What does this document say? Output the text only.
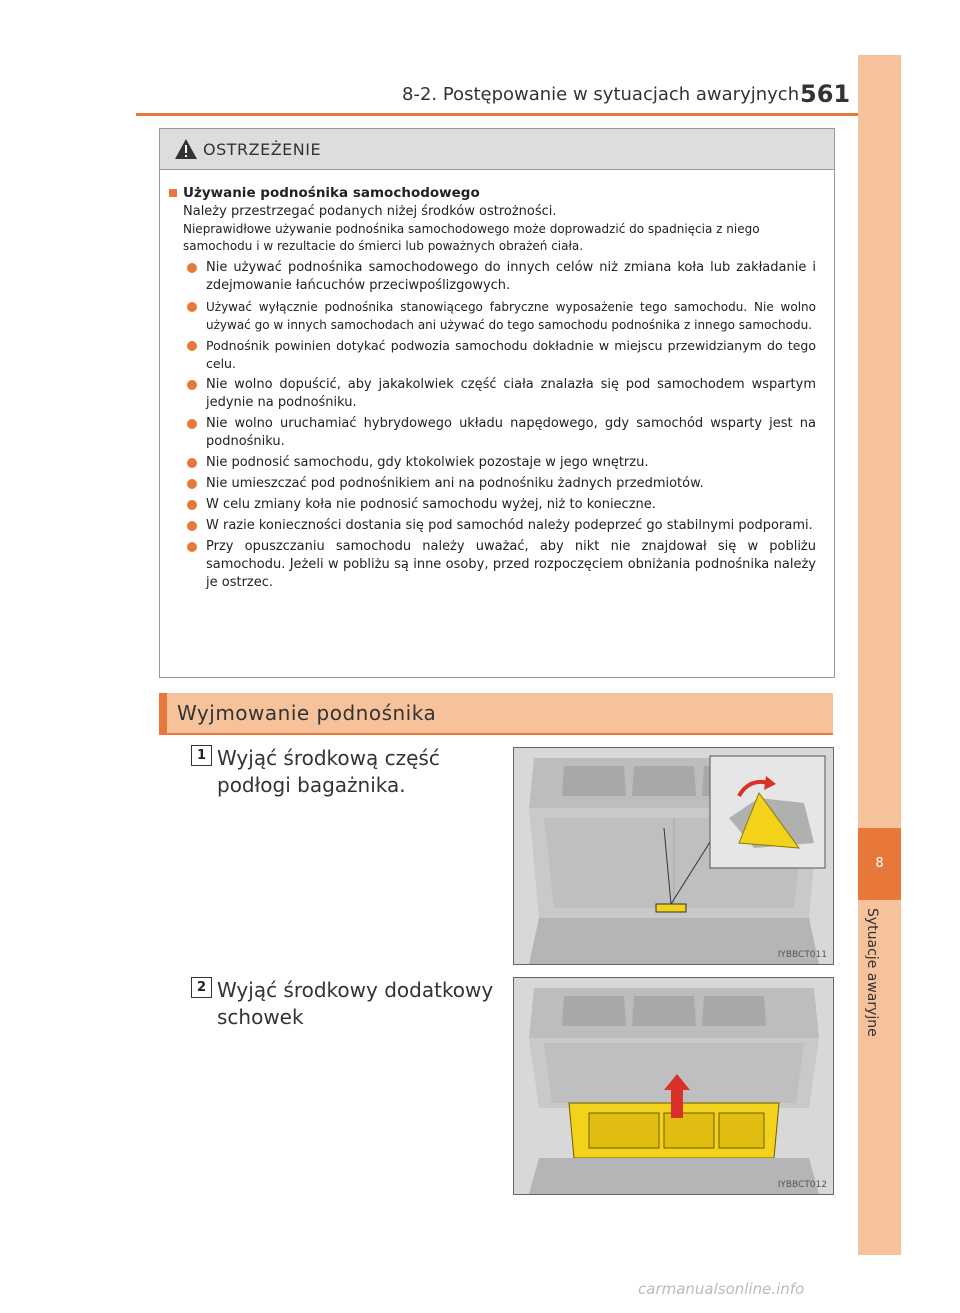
8
Sytuacje awaryjne
8-2. Postępowanie w sytuacjach awaryjnych 561
OSTRZEŻENIE
Używanie podnośnika samochodowego
Należy przestrzegać podanych niżej środków ostrożności.
Nieprawidłowe używanie podnośnika samochodowego może doprowadzić do spadnięcia z niego samochodu i w rezultacie do śmierci lub poważnych obrażeń ciała.
Nie używać podnośnika samochodowego do innych celów niż zmiana koła lub zakładanie i zdejmowanie łańcuchów przeciwpoślizgowych.
Używać wyłącznie podnośnika stanowiącego fabryczne wyposażenie tego samochodu. Nie wolno używać go w innych samochodach ani używać do tego samochodu podnośnika z innego samochodu.
Podnośnik powinien dotykać podwozia samochodu dokładnie w miejscu przewidzianym do tego celu.
Nie wolno dopuścić, aby jakakolwiek część ciała znalazła się pod samochodem wspartym jedynie na podnośniku.
Nie wolno uruchamiać hybrydowego układu napędowego, gdy samochód wsparty jest na podnośniku.
Nie podnosić samochodu, gdy ktokolwiek pozostaje w jego wnętrzu.
Nie umieszczać pod podnośnikiem ani na podnośniku żadnych przedmiotów.
W celu zmiany koła nie podnosić samochodu wyżej, niż to konieczne.
W razie konieczności dostania się pod samochód należy podeprzeć go stabilnymi podporami.
Przy opuszczaniu samochodu należy uważać, aby nikt nie znajdował się w pobliżu samochodu. Jeżeli w pobliżu są inne osoby, przed rozpoczęciem obniżania podnośnika należy je ostrzec.
Wyjmowanie podnośnika
1 Wyjąć środkową część podłogi bagażnika.
IYBBCT011
2 Wyjąć środkowy dodatkowy schowek
IYBBCT012
carmanualsonline.info
